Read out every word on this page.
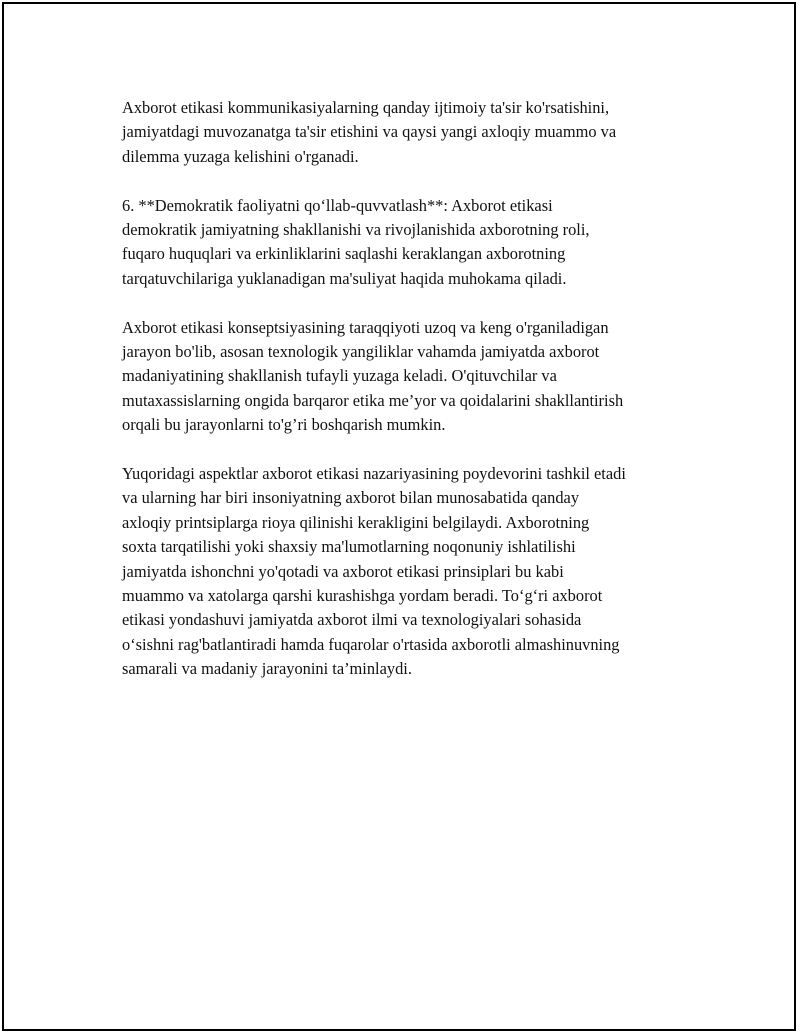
Axborot etikasi kommunikasiyalarning qanday ijtimoiy ta'sir ko'rsatishini,
jamiyatdagi muvozanatga ta'sir etishini va qaysi yangi axloqiy muammo va
dilemma yuzaga kelishini o'rganadi.

6. **Demokratik faoliyatni qo‘llab-quvvatlash**: Axborot etikasi
demokratik jamiyatning shakllanishi va rivojlanishida axborotning roli,
fuqaro huquqlari va erkinliklarini saqlashi keraklangan axborotning
tarqatuvchilariga yuklanadigan ma'suliyat haqida muhokama qiladi.

Axborot etikasi konseptsiyasining taraqqiyoti uzoq va keng o'rganiladigan
jarayon bo'lib, asosan texnologik yangiliklar vahamda jamiyatda axborot
madaniyatining shakllanish tufayli yuzaga keladi. O'qituvchilar va
mutaxassislarning ongida barqaror etika me’yor va qoidalarini shakllantirish
orqali bu jarayonlarni to'g’ri boshqarish mumkin.

Yuqoridagi aspektlar axborot etikasi nazariyasining poydevorini tashkil etadi
va ularning har biri insoniyatning axborot bilan munosabatida qanday
axloqiy printsiplarga rioya qilinishi kerakligini belgilaydi. Axborotning
soxta tarqatilishi yoki shaxsiy ma'lumotlarning noqonuniy ishlatilishi
jamiyatda ishonchni yo'qotadi va axborot etikasi prinsiplari bu kabi
muammo va xatolarga qarshi kurashishga yordam beradi. To‘g‘ri axborot
etikasi yondashuvi jamiyatda axborot ilmi va texnologiyalari sohasida
o‘sishni rag'batlantiradi hamda fuqarolar o'rtasida axborotli almashinuvning
samarali va madaniy jarayonini ta’minlaydi.
